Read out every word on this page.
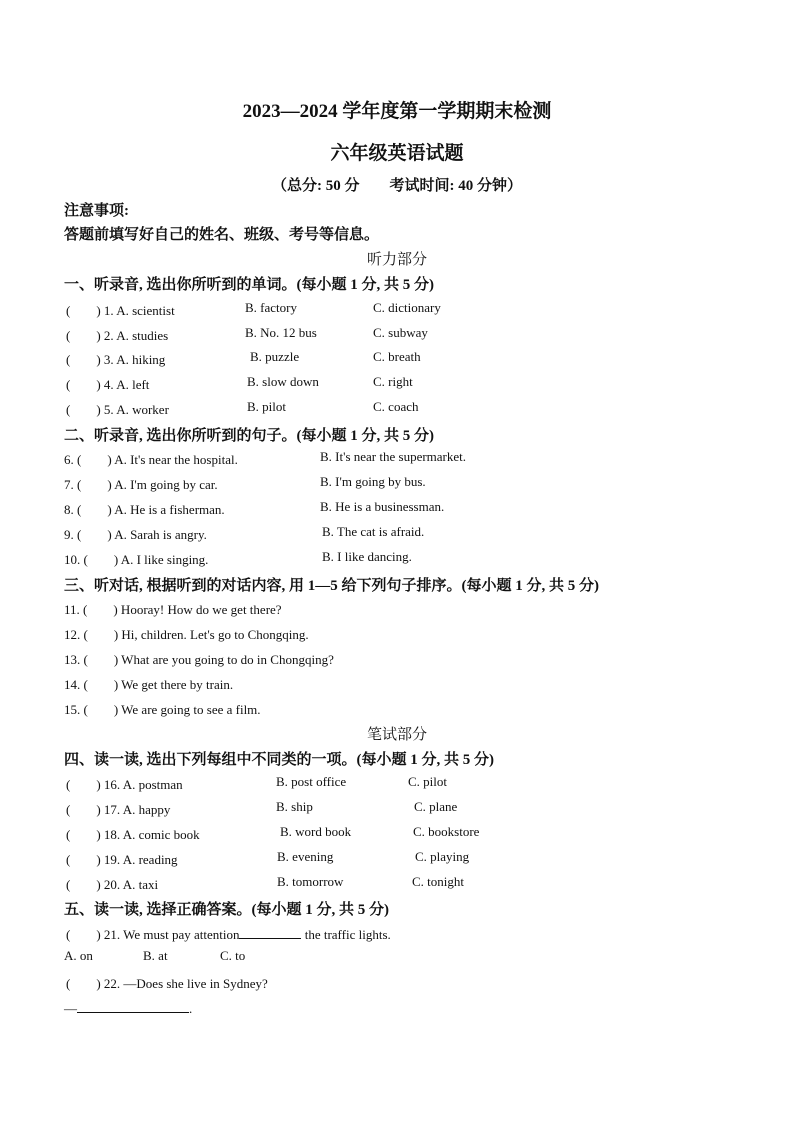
2023—2024 学年度第一学期期末检测
六年级英语试题
（总分: 50 分　　考试时间: 40 分钟）
注意事项:
答题前填写好自己的姓名、班级、考号等信息。
听力部分
一、听录音, 选出你所听到的单词。(每小题 1 分, 共 5 分)
(　　) 1. A. scientist	B. factory	C. dictionary
(　　) 2. A. studies	B. No. 12 bus	C. subway
(　　) 3. A. hiking	B. puzzle	C. breath
(　　) 4. A. left	B. slow down	C. right
(　　) 5. A. worker	B. pilot	C. coach
二、听录音, 选出你所听到的句子。(每小题 1 分, 共 5 分)
6. (　　) A. It's near the hospital.	B. It's near the supermarket.
7. (　　) A. I'm going by car.	B. I'm going by bus.
8. (　　) A. He is a fisherman.	B. He is a businessman.
9. (　　) A. Sarah is angry.	B. The cat is afraid.
10. (　　) A. I like singing.	B. I like dancing.
三、听对话, 根据听到的对话内容, 用 1—5 给下列句子排序。(每小题 1 分, 共 5 分)
11. (　　) Hooray! How do we get there?
12. (　　) Hi, children. Let's go to Chongqing.
13. (　　) What are you going to do in Chongqing?
14. (　　) We get there by train.
15. (　　) We are going to see a film.
笔试部分
四、读一读, 选出下列每组中不同类的一项。(每小题 1 分, 共 5 分)
(　　) 16. A. postman	B. post office	C. pilot
(　　) 17. A. happy	B. ship	C. plane
(　　) 18. A. comic book	B. word book	C. bookstore
(　　) 19. A. reading	B. evening	C. playing
(　　) 20. A. taxi	B. tomorrow	C. tonight
五、读一读, 选择正确答案。(每小题 1 分, 共 5 分)
(　　) 21. We must pay attention	the traffic lights.
A. on	B. at	C. to
(　　) 22. —Does she live in Sydney?
—	.
